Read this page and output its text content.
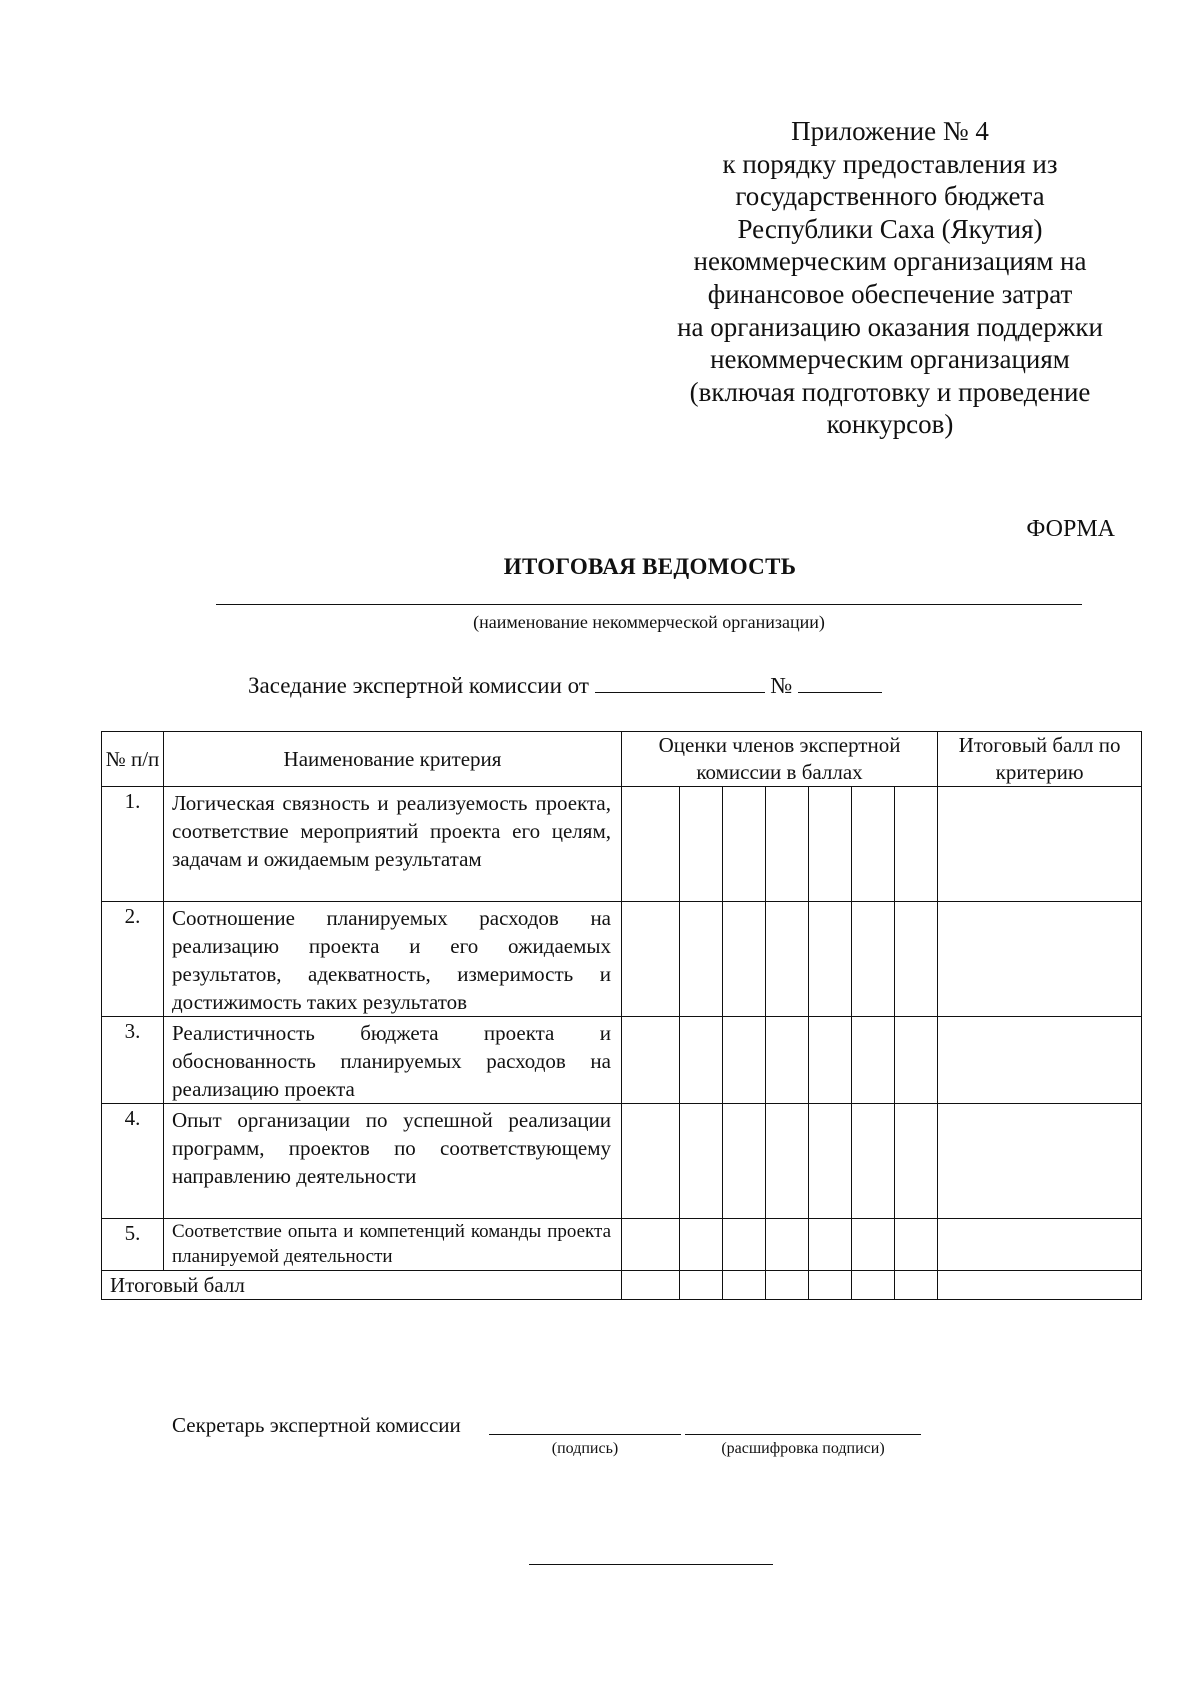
Приложение № 4
к порядку предоставления из
государственного бюджета
Республики Саха (Якутия)
некоммерческим организациям на
финансовое обеспечение затрат
на организацию оказания поддержки
некоммерческим организациям
(включая подготовку и проведение
конкурсов)
ФОРМА
ИТОГОВАЯ ВЕДОМОСТЬ
(наименование некоммерческой организации)
Заседание экспертной комиссии от	№
№ п/п	Наименование критерия	Оценки членов экспертной комиссии в баллах							Итоговый балл по критерию
1.	Логическая связность и реализуемость проекта, соответствие мероприятий проекта его целям, задачам и ожидаемым результатам								
2.	Соотношение планируемых расходов на реализацию проекта и его ожидаемых результатов, адекватность, измеримость и достижимость таких результатов								
3.	Реалистичность бюджета проекта и обоснованность планируемых расходов на реализацию проекта								
4.	Опыт организации по успешной реализации программ, проектов по соответствующему направлению деятельности								
5.	Соответствие опыта и компетенций команды проекта планируемой деятельности								
Итоговый балл									
Секретарь экспертной комиссии
(подпись)	(расшифровка подписи)
